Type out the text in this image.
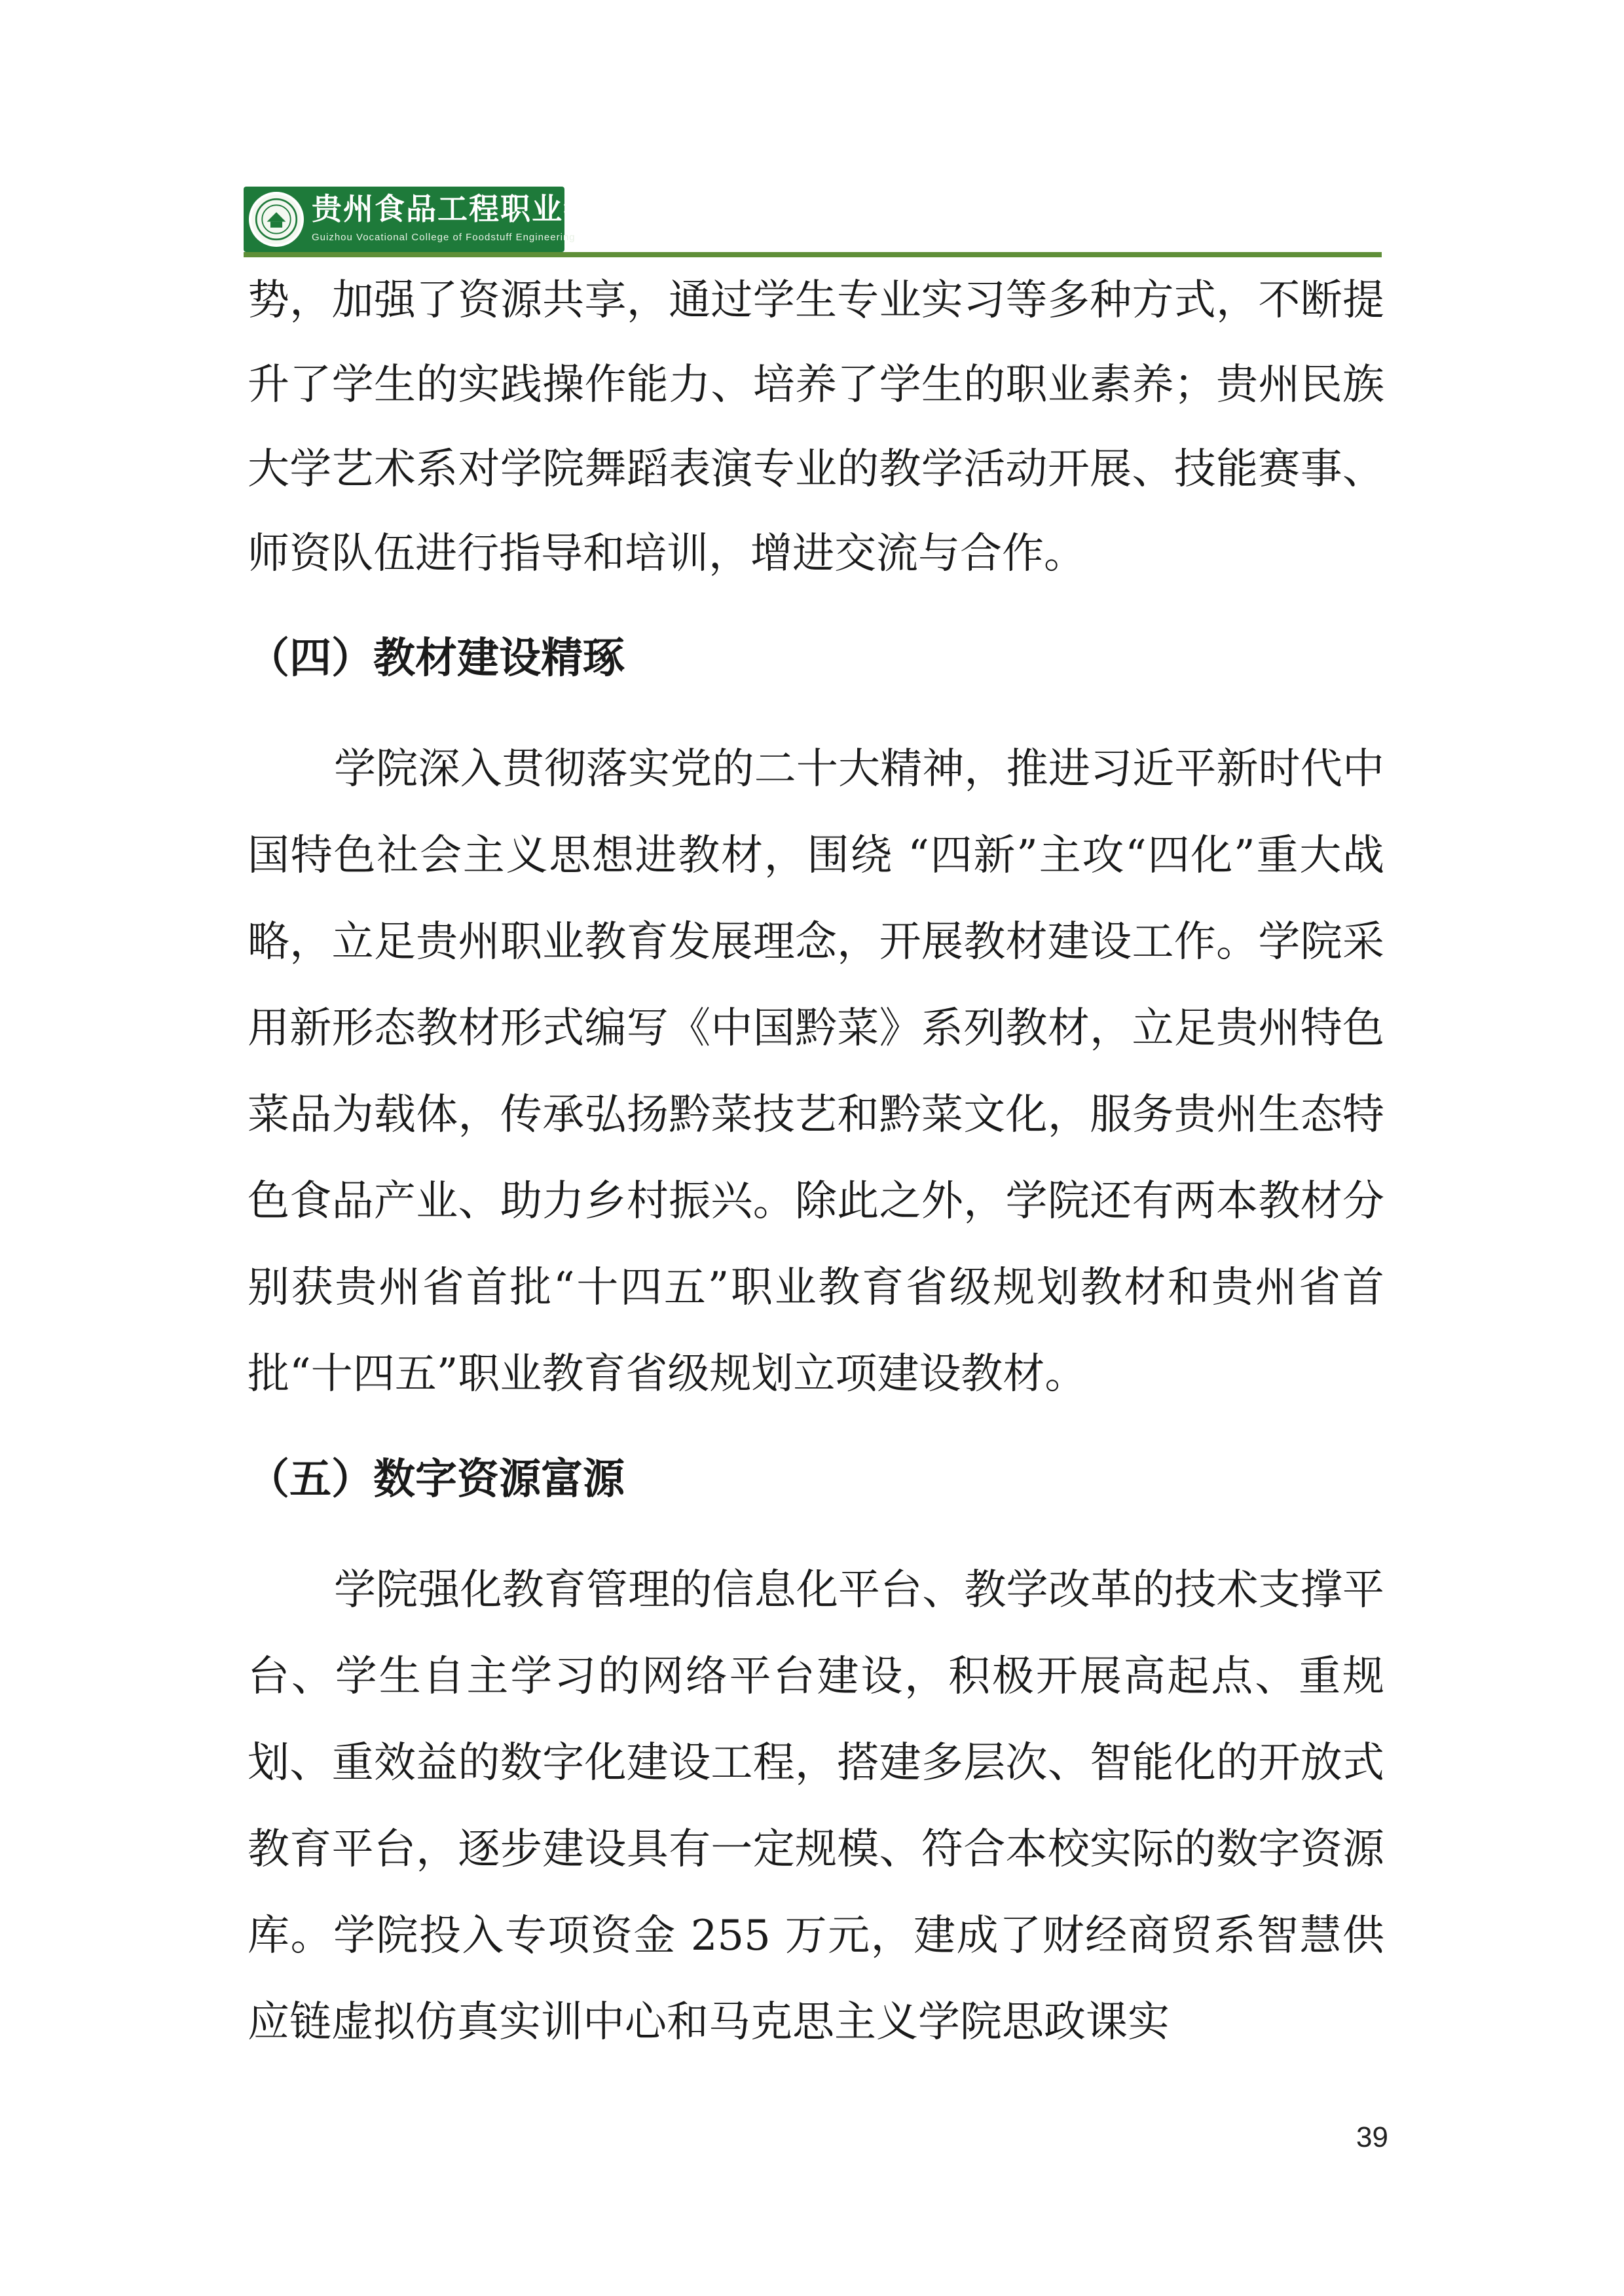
贵州食品工程职业学院
Guizhou Vocational College of Foodstuff Engineering

势，加强了资源共享，通过学生专业实习等多种方式，不断提升了学生的实践操作能力、培养了学生的职业素养；贵州民族大学艺术系对学院舞蹈表演专业的教学活动开展、技能赛事、师资队伍进行指导和培训，增进交流与合作。

（四）教材建设精琢

学院深入贯彻落实党的二十大精神，推进习近平新时代中国特色社会主义思想进教材，围绕 “四新”主攻“四化”重大战略，立足贵州职业教育发展理念，开展教材建设工作。学院采用新形态教材形式编写《中国黔菜》系列教材，立足贵州特色菜品为载体，传承弘扬黔菜技艺和黔菜文化，服务贵州生态特色食品产业、助力乡村振兴。除此之外，学院还有两本教材分别获贵州省首批“十四五”职业教育省级规划教材和贵州省首批“十四五”职业教育省级规划立项建设教材。

（五）数字资源富源

学院强化教育管理的信息化平台、教学改革的技术支撑平台、学生自主学习的网络平台建设，积极开展高起点、重规划、重效益的数字化建设工程，搭建多层次、智能化的开放式教育平台，逐步建设具有一定规模、符合本校实际的数字资源库。学院投入专项资金 255 万元，建成了财经商贸系智慧供应链虚拟仿真实训中心和马克思主义学院思政课实

39
